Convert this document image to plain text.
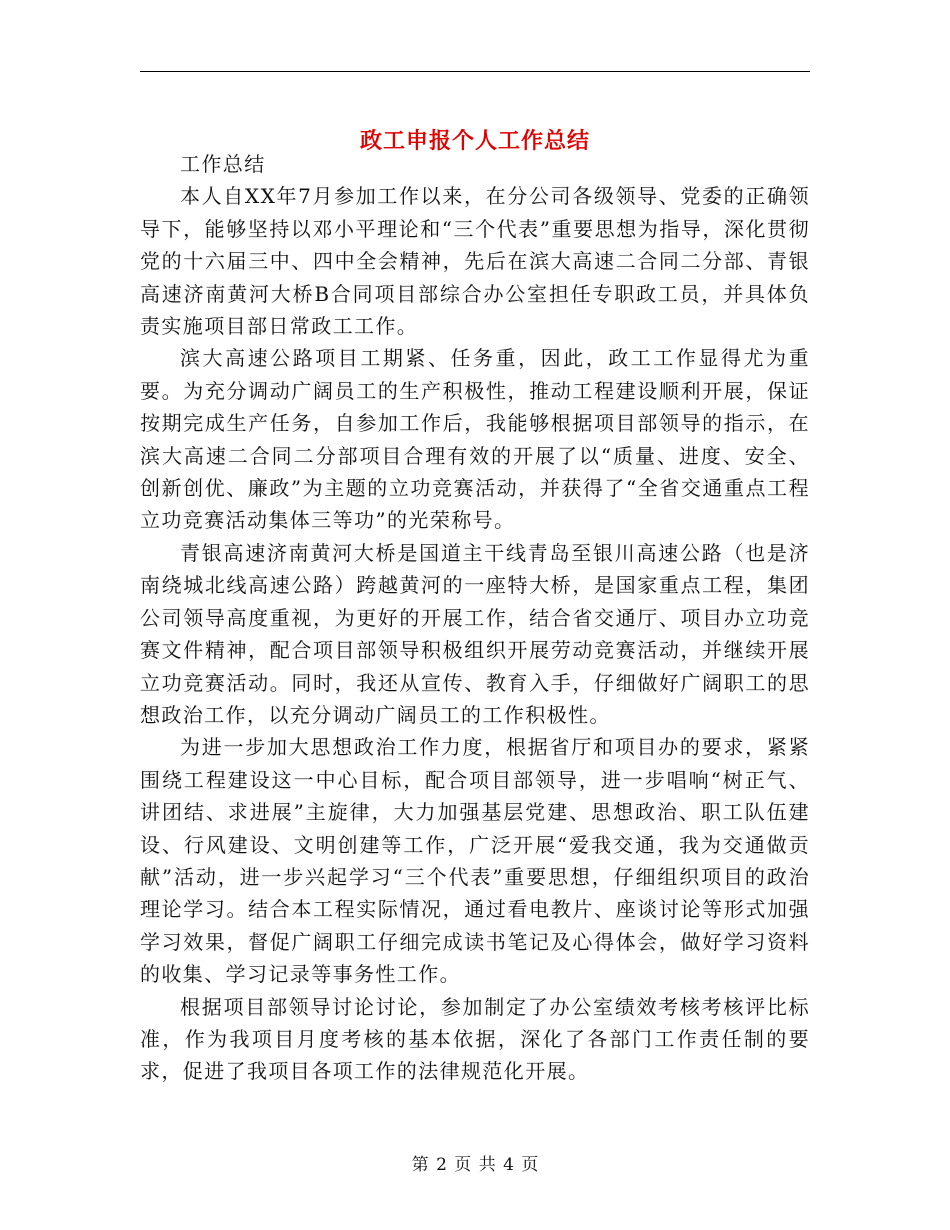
政工申报个人工作总结

工作总结

本人自XX年7月参加工作以来，在分公司各级领导、党委的正确领导下，能够坚持以邓小平理论和“三个代表”重要思想为指导，深化贯彻党的十六届三中、四中全会精神，先后在滨大高速二合同二分部、青银高速济南黄河大桥B合同项目部综合办公室担任专职政工员，并具体负责实施项目部日常政工工作。

滨大高速公路项目工期紧、任务重，因此，政工工作显得尤为重要。为充分调动广阔员工的生产积极性，推动工程建设顺利开展，保证按期完成生产任务，自参加工作后，我能够根据项目部领导的指示，在滨大高速二合同二分部项目合理有效的开展了以“质量、进度、安全、创新创优、廉政”为主题的立功竞赛活动，并获得了“全省交通重点工程立功竞赛活动集体三等功”的光荣称号。

青银高速济南黄河大桥是国道主干线青岛至银川高速公路（也是济南绕城北线高速公路）跨越黄河的一座特大桥，是国家重点工程，集团公司领导高度重视，为更好的开展工作，结合省交通厅、项目办立功竞赛文件精神，配合项目部领导积极组织开展劳动竞赛活动，并继续开展立功竞赛活动。同时，我还从宣传、教育入手，仔细做好广阔职工的思想政治工作，以充分调动广阔员工的工作积极性。

为进一步加大思想政治工作力度，根据省厅和项目办的要求，紧紧围绕工程建设这一中心目标，配合项目部领导，进一步唱响“树正气、讲团结、求进展”主旋律，大力加强基层党建、思想政治、职工队伍建设、行风建设、文明创建等工作，广泛开展“爱我交通，我为交通做贡献”活动，进一步兴起学习“三个代表”重要思想，仔细组织项目的政治理论学习。结合本工程实际情况，通过看电教片、座谈讨论等形式加强学习效果，督促广阔职工仔细完成读书笔记及心得体会，做好学习资料的收集、学习记录等事务性工作。

根据项目部领导讨论讨论，参加制定了办公室绩效考核考核评比标准，作为我项目月度考核的基本依据，深化了各部门工作责任制的要求，促进了我项目各项工作的法律规范化开展。

第 2 页 共 4 页
